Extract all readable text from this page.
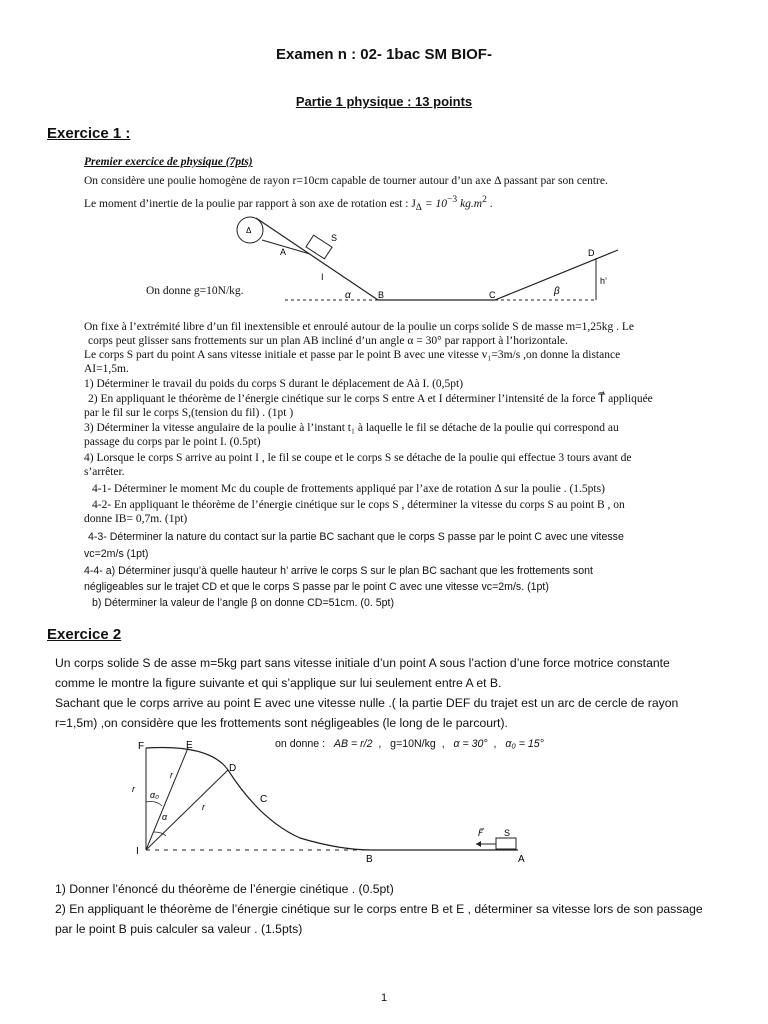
Examen n : 02- 1bac SM BIOF-
Partie 1 physique : 13 points
Exercice 1 :
Premier exercice de physique (7pts)
On considère une poulie homogène de rayon r=10cm capable de tourner autour d’un axe Δ passant par son centre.
Le moment d’inertie de la poulie par rapport à son axe de rotation est : $J_\Delta = 10^{-3}$ $kg.m^2$ .
Δ
S
A
I
α	B	C
h’
D
β
On donne g=10N/kg.
On fixe à l’extrémité libre d’un fil inextensible et enroulé autour de la poulie un corps solide S de masse m=1,25kg . Le
corps peut glisser sans frottements sur un plan AB incliné d’un angle α = 30° par rapport à l’horizontale.
Le corps S part du point A sans vitesse initiale et passe par le point B avec une vitesse v₁=3m/s ,on donne la distance
AI=1,5m.
1) Déterminer le travail du poids du corps S durant le déplacement de Aà I. (0,5pt)
2) En appliquant le théorème de l’énergie cinétique sur le corps S entre A et I déterminer l’intensité de la force T⃗ appliquée
par le fil sur le corps S,(tension du fil) . (1pt )
3) Déterminer la vitesse angulaire de la poulie à l’instant t₁ à laquelle le fil se détache de la poulie qui correspond au
passage du corps par le point I. (0.5pt)
4) Lorsque le corps S arrive au point I , le fil se coupe et le corps S se détache de la poulie qui effectue 3 tours avant de
s’arrêter.
4-1- Déterminer le moment Mc du couple de frottements appliqué par l’axe de rotation Δ sur la poulie . (1.5pts)
4-2- En appliquant le théorème de l’énergie cinétique sur le cops S , déterminer la vitesse du corps S au point B , on
donne IB= 0,7m. (1pt)
4-3- Déterminer la nature du contact sur la partie BC sachant que le corps S passe par le point C avec une vitesse
vc=2m/s (1pt)
4-4- a) Déterminer jusqu’à quelle hauteur h’ arrive le corps S sur le plan BC sachant que les frottements sont
négligeables sur le trajet CD et que le corps S passe par le point C avec une vitesse vc=2m/s. (1pt)
b) Déterminer la valeur de l’angle β on donne CD=51cm. (0. 5pt)
Exercice 2
Un corps solide S de asse m=5kg part sans vitesse initiale d’un point A sous l’action d’une force motrice constante
comme le montre la figure suivante et qui s’applique sur lui seulement entre A et B.
Sachant que le corps arrive au point E avec une vitesse nulle .( la partie DEF du trajet est un arc de cercle de rayon
r=1,5m) ,on considère que les frottements sont négligeables (le long de le parcourt).
on donne : AB = r/2  ,   g=10N/kg  ,   α = 30°  ,   α₀ = 15°
F	E
D
C
I
B	A
S
F⃗
r
r
r
α₀
α
1) Donner l’énoncé du théorème de l’énergie cinétique . (0.5pt)
2) En appliquant le théorème de l’énergie cinétique sur le corps entre B et E , déterminer sa vitesse lors de son passage
par le point B puis calculer sa valeur . (1.5pts)
1
